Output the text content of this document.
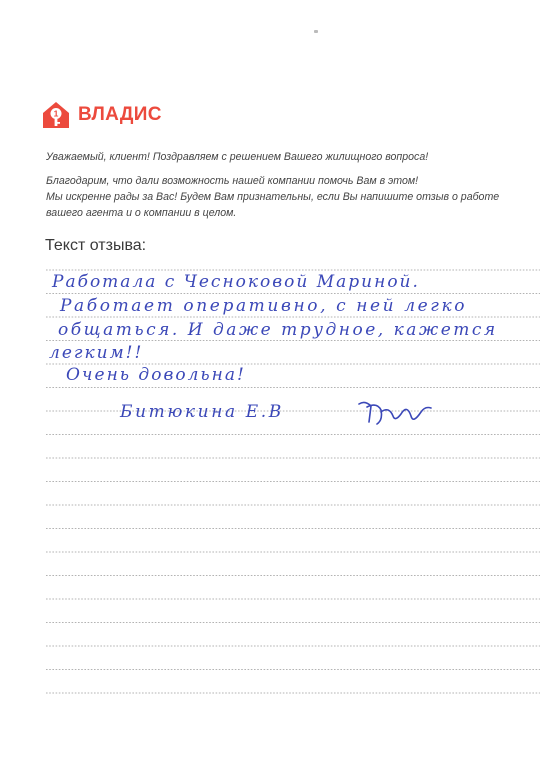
1 ВЛАДИС

Уважаемый, клиент! Поздравляем с решением Вашего жилищного вопроса!

Благодарим, что дали возможность нашей компании помочь Вам в этом!

Мы искренне рады за Вас! Будем Вам признательны, если Вы напишите отзыв о работе

вашего агента и о компании в целом.

Текст отзыва:
Работала с Чесноковой Мариной.
Работает оперативно, с ней легко
общаться. И даже трудное, кажется
легким!!
Очень довольна!
Битюкина Е.В
